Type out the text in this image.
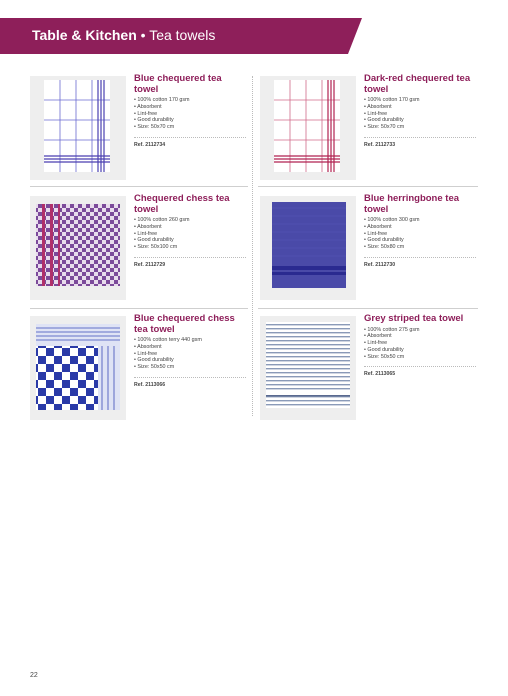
Table & Kitchen • Tea towels
Blue chequered tea towel
• 100% cotton 170 gsm
• Absorbent
• Lint-free
• Good durability
• Size: 50x70 cm
Ref. 2112734
Dark-red chequered tea towel
• 100% cotton 170 gsm
• Absorbent
• Lint-free
• Good durability
• Size: 50x70 cm
Ref. 2112733
Chequered chess tea towel
• 100% cotton 260 gsm
• Absorbent
• Lint-free
• Good durability
• Size: 50x100 cm
Ref. 2112729
Blue herringbone tea towel
• 100% cotton 300 gsm
• Absorbent
• Lint-free
• Good durability
• Size: 50x80 cm
Ref. 2112730
Blue chequered chess tea towel
• 100% cotton terry 440 gsm
• Absorbent
• Lint-free
• Good durability
• Size: 50x50 cm
Ref. 2113066
Grey striped tea towel
• 100% cotton 275 gsm
• Absorbent
• Lint-free
• Good durability
• Size: 50x50 cm
Ref. 2113065
22
